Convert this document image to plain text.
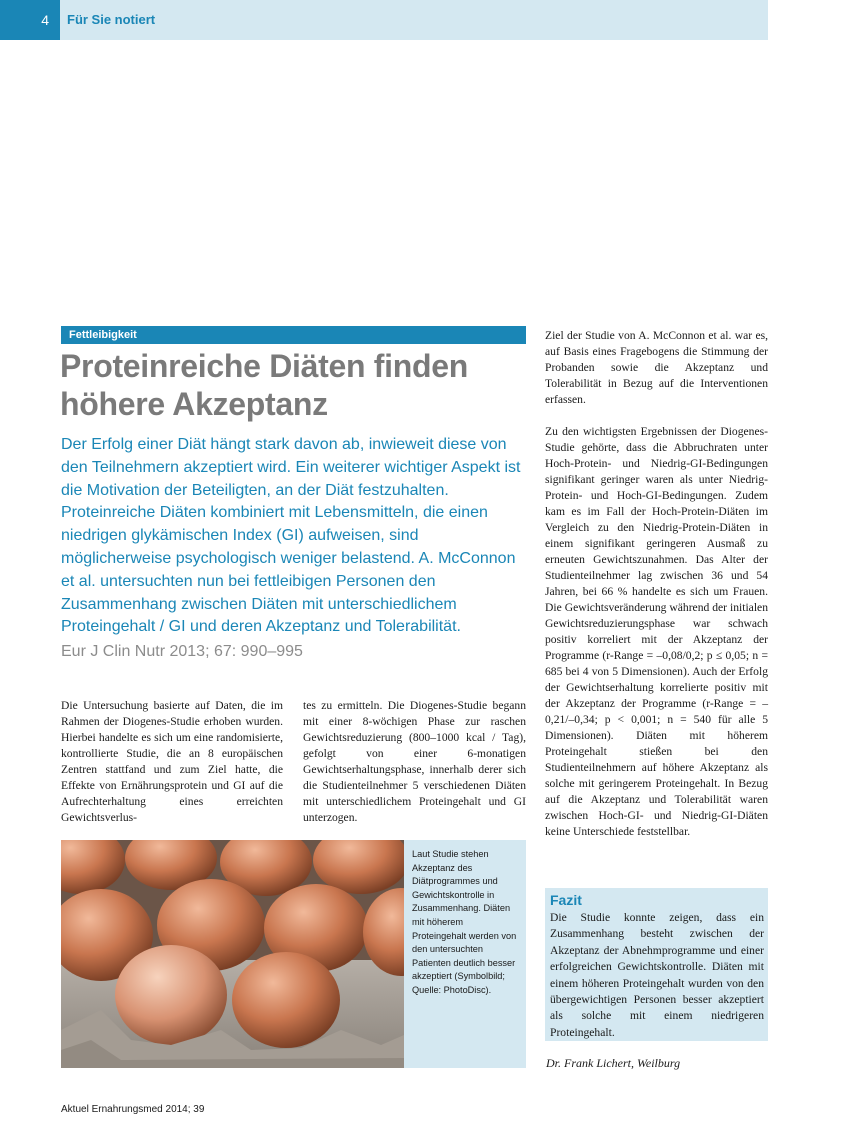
4	Für Sie notiert
Fettleibigkeit
Proteinreiche Diäten finden höhere Akzeptanz

Der Erfolg einer Diät hängt stark davon ab, inwieweit diese von den Teilnehmern akzeptiert wird. Ein weiterer wichtiger Aspekt ist die Motivation der Beteiligten, an der Diät festzuhalten. Proteinreiche Diäten kombiniert mit Lebensmitteln, die einen niedrigen glykämischen Index (GI) aufweisen, sind möglicherweise psychologisch weniger belastend. A. McConnon et al. untersuchten nun bei fettleibigen Personen den Zusammenhang zwischen Diäten mit unterschiedlichem Proteingehalt / GI und deren Akzeptanz und Tolerabilität.

Eur J Clin Nutr 2013; 67: 990–995

Die Untersuchung basierte auf Daten, die im Rahmen der Diogenes-Studie erhoben wurden. Hierbei handelte es sich um eine randomisierte, kontrollierte Studie, die an 8 europäischen Zentren stattfand und zum Ziel hatte, die Effekte von Ernährungsprotein und GI auf die Aufrechterhaltung eines erreichten Gewichtsverlus-

tes zu ermitteln. Die Diogenes-Studie begann mit einer 8-wöchigen Phase zur raschen Gewichtsreduzierung (800–1000 kcal / Tag), gefolgt von einer 6-monatigen Gewichtserhaltungsphase, innerhalb derer sich die Studienteilnehmer 5 verschiedenen Diäten mit unterschiedlichem Proteingehalt und GI unterzogen.

Ziel der Studie von A. McConnon et al. war es, auf Basis eines Fragebogens die Stimmung der Probanden sowie die Akzeptanz und Tolerabilität in Bezug auf die Interventionen erfassen.

Zu den wichtigsten Ergebnissen der Diogenes-Studie gehörte, dass die Abbruchraten unter Hoch-Protein- und Niedrig-GI-Bedingungen signifikant geringer waren als unter Niedrig-Protein- und Hoch-GI-Bedingungen. Zudem kam es im Fall der Hoch-Protein-Diäten im Vergleich zu den Niedrig-Protein-Diäten in einem signifikant geringeren Ausmaß zu erneuten Gewichtszunahmen. Das Alter der Studienteilnehmer lag zwischen 36 und 54 Jahren, bei 66 % handelte es sich um Frauen. Die Gewichtsveränderung während der initialen Gewichtsreduzierungsphase war schwach positiv korreliert mit der Akzeptanz der Programme (r-Range = –0,08/0,2; p ≤ 0,05; n = 685 bei 4 von 5 Dimensionen). Auch der Erfolg der Gewichtserhaltung korrelierte positiv mit der Akzeptanz der Programme (r-Range = –0,21/–0,34; p < 0,001; n = 540 für alle 5 Dimensionen). Diäten mit höherem Proteingehalt stießen bei den Studienteilnehmern auf höhere Akzeptanz als solche mit geringerem Proteingehalt. In Bezug auf die Akzeptanz und Tolerabilität waren zwischen Hoch-GI- und Niedrig-GI-Diäten keine Unterschiede feststellbar.

Laut Studie stehen Akzeptanz des Diätprogrammes und Gewichtskontrolle in Zusammenhang. Diäten mit höherem Proteingehalt werden von den untersuchten Patienten deutlich besser akzeptiert (Symbolbild; Quelle: PhotoDisc).

Fazit

Die Studie konnte zeigen, dass ein Zusammenhang besteht zwischen der Akzeptanz der Abnehmprogramme und einer erfolgreichen Gewichtskontrolle. Diäten mit einem höheren Proteingehalt wurden von den übergewichtigen Personen besser akzeptiert als solche mit einem niedrigeren Proteingehalt.

Dr. Frank Lichert, Weilburg

Aktuel Ernahrungsmed 2014; 39
